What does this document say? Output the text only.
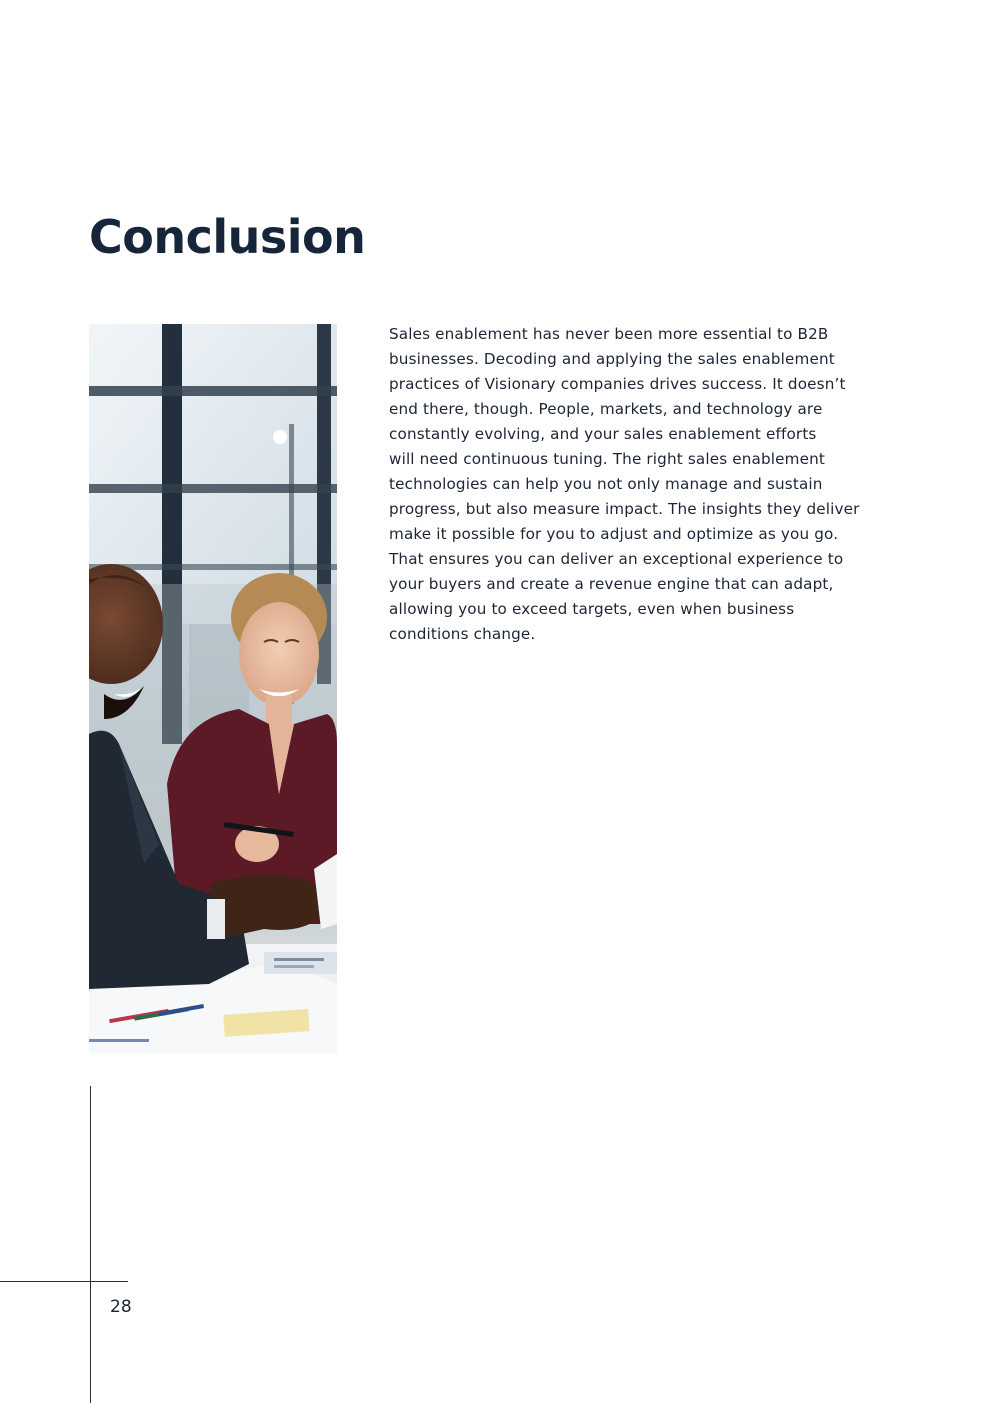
Conclusion

Sales enablement has never been more essential to B2B
businesses. Decoding and applying the sales enablement
practices of Visionary companies drives success. It doesn’t
end there, though. People, markets, and technology are
constantly evolving, and your sales enablement efforts
will need continuous tuning. The right sales enablement
technologies can help you not only manage and sustain
progress, but also measure impact. The insights they deliver
make it possible for you to adjust and optimize as you go.
That ensures you can deliver an exceptional experience to
your buyers and create a revenue engine that can adapt,
allowing you to exceed targets, even when business
conditions change.

28
